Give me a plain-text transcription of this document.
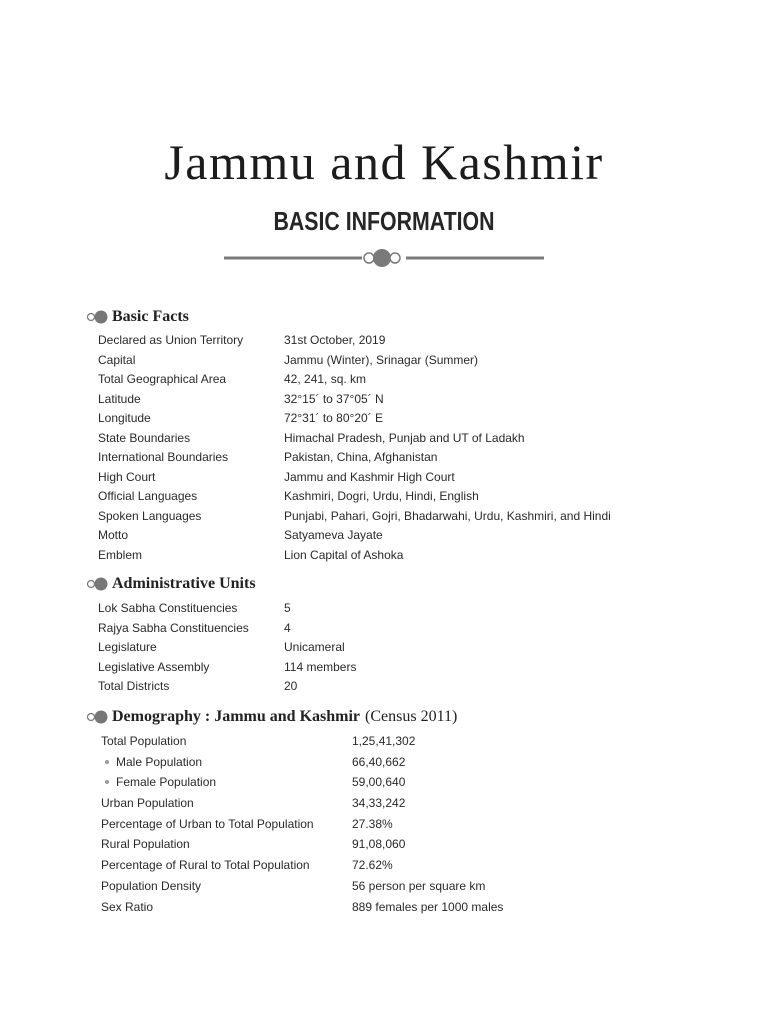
Jammu and Kashmir
BASIC INFORMATION
Basic Facts
Declared as Union Territory	31st October, 2019
Capital	Jammu (Winter), Srinagar (Summer)
Total Geographical Area	42, 241, sq. km
Latitude	32°15´ to 37°05´ N
Longitude	72°31´ to 80°20´ E
State Boundaries	Himachal Pradesh, Punjab and UT of Ladakh
International Boundaries	Pakistan, China, Afghanistan
High Court	Jammu and Kashmir High Court
Official Languages	Kashmiri, Dogri, Urdu, Hindi, English
Spoken Languages	Punjabi, Pahari, Gojri, Bhadarwahi, Urdu, Kashmiri, and Hindi
Motto	Satyameva Jayate
Emblem	Lion Capital of Ashoka
Administrative Units
Lok Sabha Constituencies	5
Rajya Sabha Constituencies	4
Legislature	Unicameral
Legislative Assembly	114 members
Total Districts	20
Demography : Jammu and Kashmir (Census 2011)
Total Population	1,25,41,302
Male Population	66,40,662
Female Population	59,00,640
Urban Population	34,33,242
Percentage of Urban to Total Population	27.38%
Rural Population	91,08,060
Percentage of Rural to Total Population	72.62%
Population Density	56 person per square km
Sex Ratio	889 females per 1000 males
